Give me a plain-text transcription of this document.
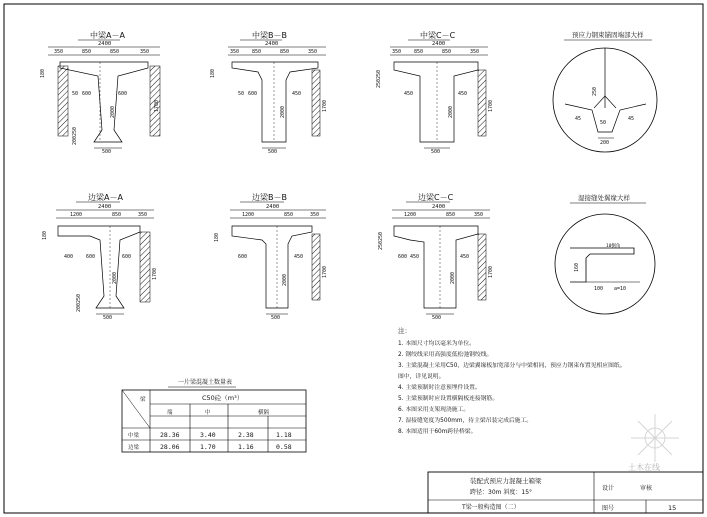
中梁A－A
2400
350	850	850	350
180
1700
2000
50 600	600
200250
500
中梁B－B
2400
350	850	850	350
180
1700
2000
50 600	450
500
中梁C－C
2400
350	850	850	350
250250
1700
2000
450	450
500
边梁A－A
2400
1200	850	350
180
1700
2000
400	600	600
200250
500
边梁B－B
2400
1200	850	350
180
1700
2000
600	450
500
边梁C－C
2400
1200	850	350
250250
1700
2000
600 450	450
500
预应力钢束锚固端部大样
250
45	45
200
50
湿接缝处翼缘大样
10倒角
160
100 a=10
注：
1. 本图尺寸均以毫米为单位。
2. 钢绞线采用高强度低松弛钢绞线。
3. 主梁混凝土采用C50，边梁翼缘板加宽部分与中梁相同，预应力钢束布置见相应图纸。
图中，详见说明。
4. 主梁预制时注意预埋件设置。
5. 主梁预制时应设置横隔板连接钢筋。
6. 本图采用支架现浇施工。
7. 湿接缝宽度为500mm，待主梁吊装完成后施工。
8. 本图适用于60m跨径桥梁。
一片梁混凝土数量表
C50砼（m³）
梁
端	中	横隔
中梁	28.36	3.40	2.38	1.18
边梁	28.06	1.70	1.16	0.58
装配式预应力混凝土箱梁
跨径：30m 斜度：15°
T梁一般构造图（二）
设计	审核
图号	15
土木在线
